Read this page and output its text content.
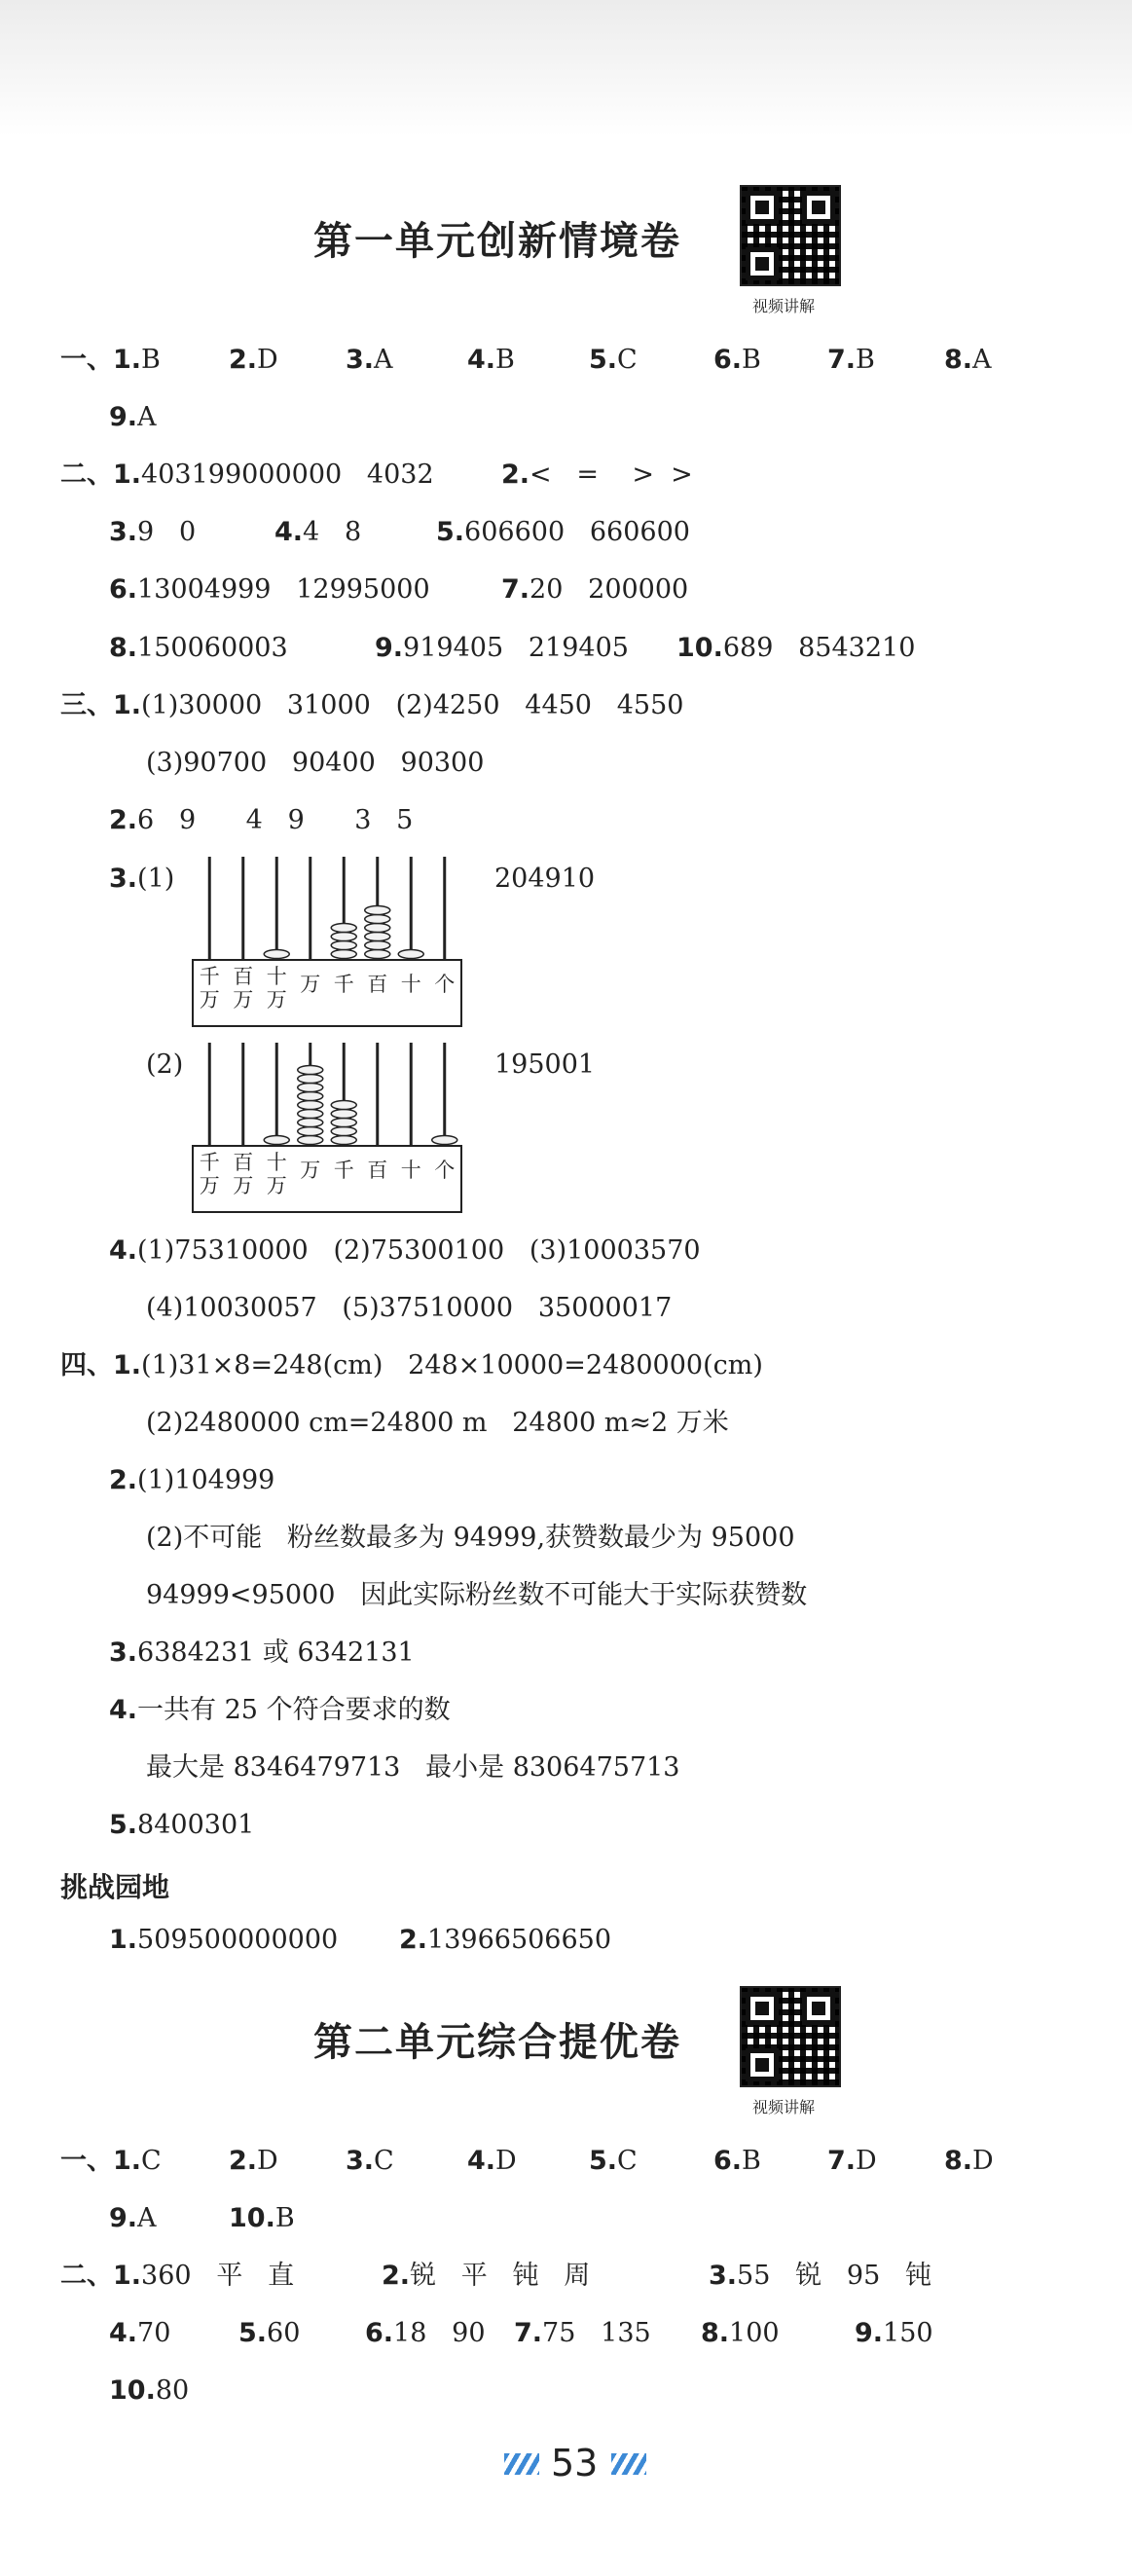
第一单元创新情境卷
视频讲解
一、1.B	2.D	3.A	4.B	5.C	6.B	7.B	8.A
9.A
二、1.403199000000   4032	2.<   =    >  >
3.9   0	4.4   8	5.606600   660600
6.13004999   12995000	7.20   200000
8.150060003	9.919405   219405 10.689   8543210
三、1.(1)30000   31000   (2)4250   4450   4550
(3)90700   90400   90300
2.6   9      4   9      3   5
3.(1)	204910
千
万
百
万
十
万
万 千 百 十 个
(2)	195001
千
万
百
万
十
万
万 千 百 十 个
4.(1)75310000   (2)75300100   (3)10003570
(4)10030057   (5)37510000   35000017
四、1.(1)31×8=248(cm)   248×10000=2480000(cm)
(2)2480000 cm=24800 m   24800 m≈2 万米
2.(1)104999
(2)不可能   粉丝数最多为 94999,获赞数最少为 95000
94999<95000   因此实际粉丝数不可能大于实际获赞数
3.6384231 或 6342131
4.一共有 25 个符合要求的数
最大是 8346479713   最小是 8306475713
5.8400301
挑战园地
1.509500000000 2.13966506650
第二单元综合提优卷
视频讲解
一、1.C	2.D	3.C	4.D	5.C	6.B	7.D	8.D
9.A	10.B
二、1.360   平   直	2.锐   平   钝   周	3.55   锐   95   钝
4.70	5.60 6.18   90 7.75   135 8.100	9.150
10.80
53
